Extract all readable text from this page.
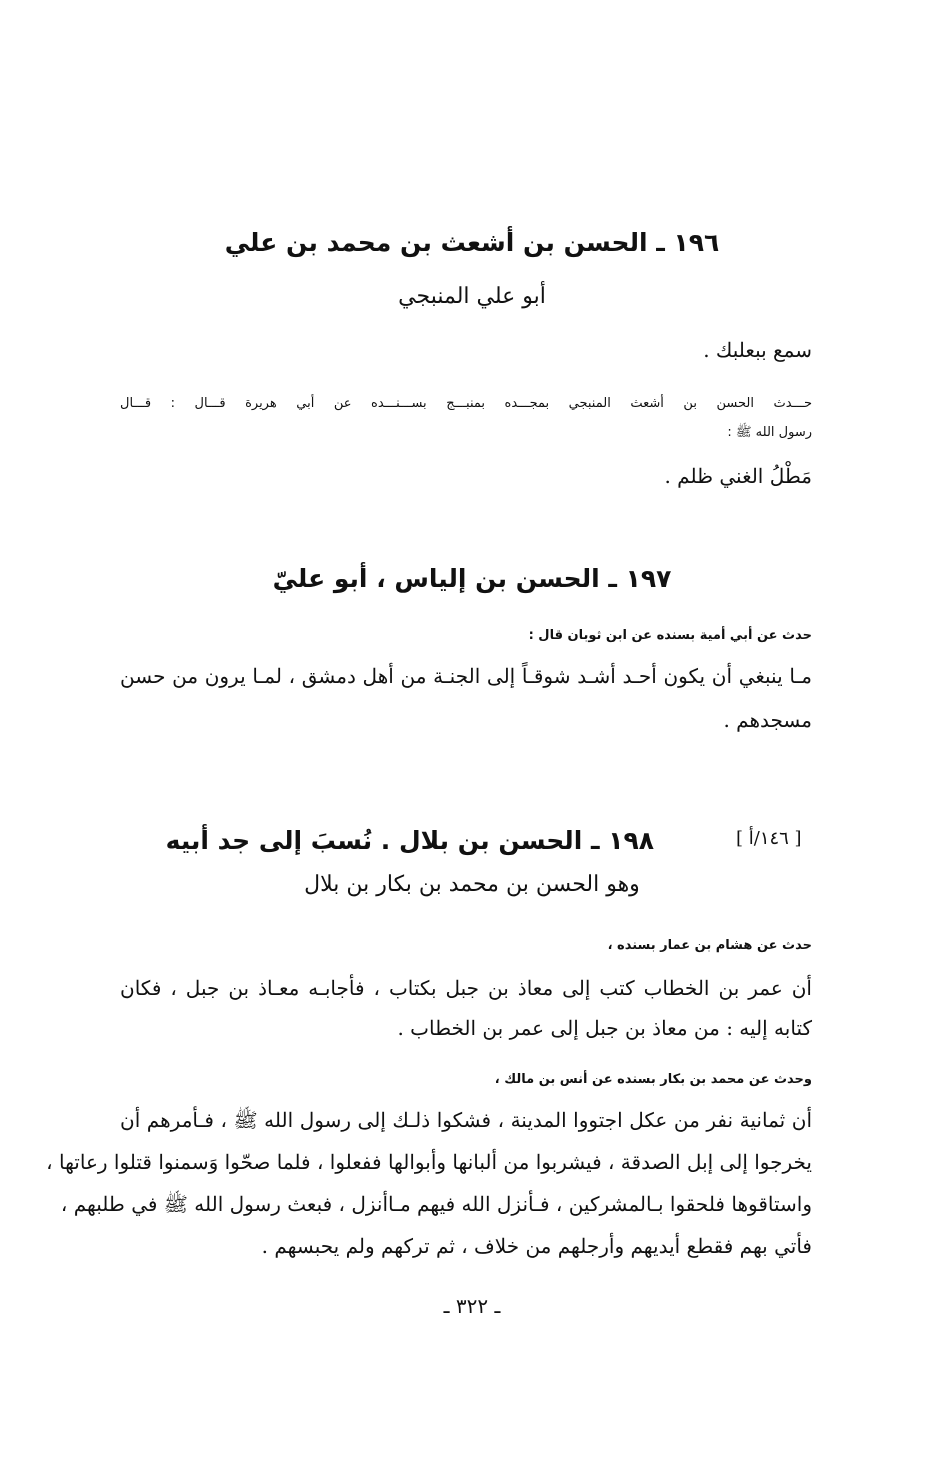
١٩٦ ـ الحسن بن أشعث بن محمد بن علي
أبو علي المنبجي
سمع ببعلبك .
حـــدث الحسن بن أشعث المنبجي بمجـــده بمنبـــج بســـنـــده عن أبي هريرة قـــال : قـــال
رسول الله ﷺ :
مَطْلُ الغني ظلم .
١٩٧ ـ الحسن بن إلياس ، أبو عليّ
حدث عن أبي أمية بسنده عن ابن ثوبان قال :
مـا ينبغي أن يكون أحـد أشـد شوقـاً إلى الجنـة من أهل دمشق ، لمـا يرون من حسن
مسجدهم .
[ ١٤٦/أ ]
١٩٨ ـ الحسن بن بلال . نُسبَ إلى جد أبيه
وهو الحسن بن محمد بن بكار بن بلال
حدث عن هشام بن عمار بسنده ،
أن عمر بن الخطاب كتب إلى معاذ بن جبل بكتاب ، فأجابـه معـاذ بن جبل ، فكان
كتابه إليه : من معاذ بن جبل إلى عمر بن الخطاب .
وحدث عن محمد بن بكار بسنده عن أنس بن مالك ،
أن ثمانية نفر من عكل اجتووا المدينة ، فشكوا ذلـك إلى رسول الله ﷺ ، فـأمرهم أن
يخرجوا إلى إبل الصدقة ، فيشربوا من ألبانها وأبوالها ففعلوا ، فلما صحّوا وَسمنوا قتلوا رعاتها ،
واستاقوها فلحقوا بـالمشركين ، فـأنزل الله فيهم مـاأنزل ، فبعث رسول الله ﷺ في طلبهم ،
فأتي بهم فقطع أيديهم وأرجلهم من خلاف ، ثم تركهم ولم يحبسهم .
ـ ٣٢٢ ـ
